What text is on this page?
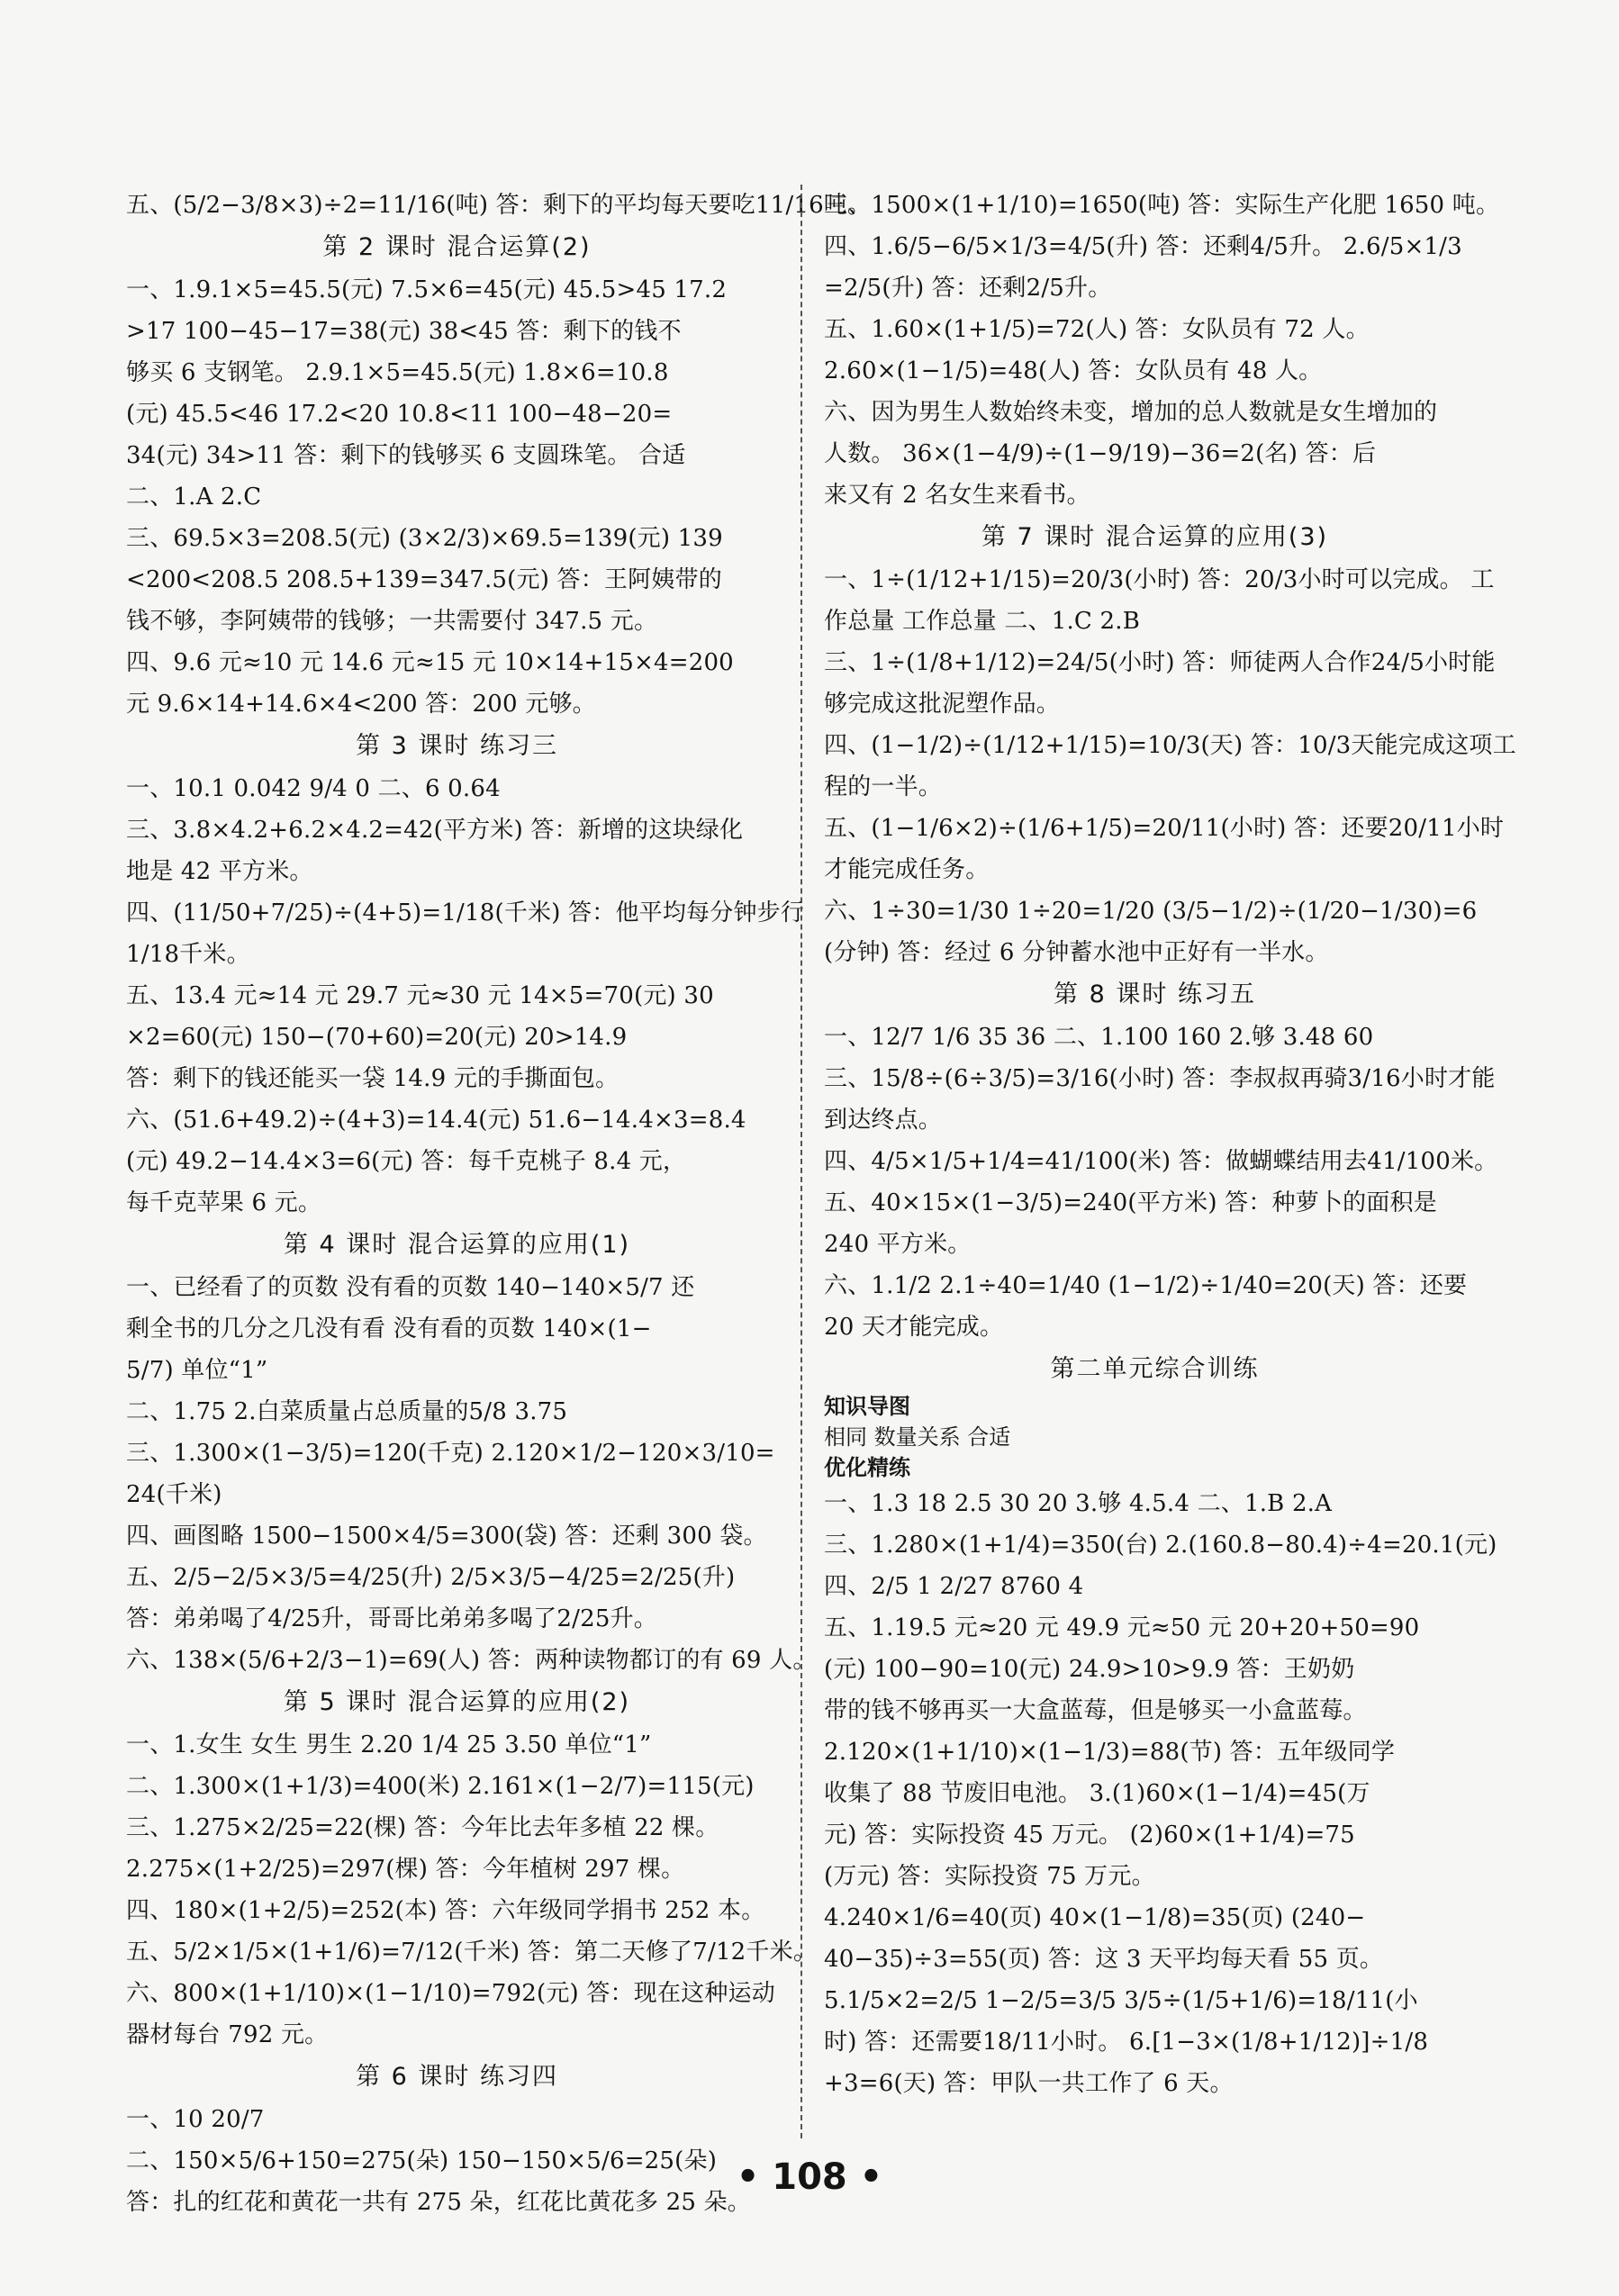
五、(5/2−3/8×3)÷2=11/16(吨) 答：剩下的平均每天要吃11/16吨。
第 2 课时 混合运算(2)
一、1.9.1×5=45.5(元) 7.5×6=45(元) 45.5>45 17.2
>17 100−45−17=38(元) 38<45 答：剩下的钱不
够买 6 支钢笔。 2.9.1×5=45.5(元) 1.8×6=10.8
(元) 45.5<46 17.2<20 10.8<11 100−48−20=
34(元) 34>11 答：剩下的钱够买 6 支圆珠笔。 合适
二、1.A 2.C
三、69.5×3=208.5(元) (3×2/3)×69.5=139(元) 139
<200<208.5 208.5+139=347.5(元) 答：王阿姨带的
钱不够，李阿姨带的钱够；一共需要付 347.5 元。
四、9.6 元≈10 元 14.6 元≈15 元 10×14+15×4=200
元 9.6×14+14.6×4<200 答：200 元够。
第 3 课时 练习三
一、10.1 0.042 9/4 0 二、6 0.64
三、3.8×4.2+6.2×4.2=42(平方米) 答：新增的这块绿化
地是 42 平方米。
四、(11/50+7/25)÷(4+5)=1/18(千米) 答：他平均每分钟步行
1/18千米。
五、13.4 元≈14 元 29.7 元≈30 元 14×5=70(元) 30
×2=60(元) 150−(70+60)=20(元) 20>14.9
答：剩下的钱还能买一袋 14.9 元的手撕面包。
六、(51.6+49.2)÷(4+3)=14.4(元) 51.6−14.4×3=8.4
(元) 49.2−14.4×3=6(元) 答：每千克桃子 8.4 元，
每千克苹果 6 元。
第 4 课时 混合运算的应用(1)
一、已经看了的页数 没有看的页数 140−140×5/7 还
剩全书的几分之几没有看 没有看的页数 140×(1−
5/7) 单位“1”
二、1.75 2.白菜质量占总质量的5/8 3.75
三、1.300×(1−3/5)=120(千克) 2.120×1/2−120×3/10=
24(千米)
四、画图略 1500−1500×4/5=300(袋) 答：还剩 300 袋。
五、2/5−2/5×3/5=4/25(升) 2/5×3/5−4/25=2/25(升)
答：弟弟喝了4/25升，哥哥比弟弟多喝了2/25升。
六、138×(5/6+2/3−1)=69(人) 答：两种读物都订的有 69 人。
第 5 课时 混合运算的应用(2)
一、1.女生 女生 男生 2.20 1/4 25 3.50 单位“1”
二、1.300×(1+1/3)=400(米) 2.161×(1−2/7)=115(元)
三、1.275×2/25=22(棵) 答：今年比去年多植 22 棵。
2.275×(1+2/25)=297(棵) 答：今年植树 297 棵。
四、180×(1+2/5)=252(本) 答：六年级同学捐书 252 本。
五、5/2×1/5×(1+1/6)=7/12(千米) 答：第二天修了7/12千米。
六、800×(1+1/10)×(1−1/10)=792(元) 答：现在这种运动
器材每台 792 元。
第 6 课时 练习四
一、10 20/7
二、150×5/6+150=275(朵) 150−150×5/6=25(朵)
答：扎的红花和黄花一共有 275 朵，红花比黄花多 25 朵。
三、1500×(1+1/10)=1650(吨) 答：实际生产化肥 1650 吨。
四、1.6/5−6/5×1/3=4/5(升) 答：还剩4/5升。 2.6/5×1/3
=2/5(升) 答：还剩2/5升。
五、1.60×(1+1/5)=72(人) 答：女队员有 72 人。
2.60×(1−1/5)=48(人) 答：女队员有 48 人。
六、因为男生人数始终未变，增加的总人数就是女生增加的
人数。 36×(1−4/9)÷(1−9/19)−36=2(名) 答：后
来又有 2 名女生来看书。
第 7 课时 混合运算的应用(3)
一、1÷(1/12+1/15)=20/3(小时) 答：20/3小时可以完成。 工
作总量 工作总量 二、1.C 2.B
三、1÷(1/8+1/12)=24/5(小时) 答：师徒两人合作24/5小时能
够完成这批泥塑作品。
四、(1−1/2)÷(1/12+1/15)=10/3(天) 答：10/3天能完成这项工
程的一半。
五、(1−1/6×2)÷(1/6+1/5)=20/11(小时) 答：还要20/11小时
才能完成任务。
六、1÷30=1/30 1÷20=1/20 (3/5−1/2)÷(1/20−1/30)=6
(分钟) 答：经过 6 分钟蓄水池中正好有一半水。
第 8 课时 练习五
一、12/7 1/6 35 36 二、1.100 160 2.够 3.48 60
三、15/8÷(6÷3/5)=3/16(小时) 答：李叔叔再骑3/16小时才能
到达终点。
四、4/5×1/5+1/4=41/100(米) 答：做蝴蝶结用去41/100米。
五、40×15×(1−3/5)=240(平方米) 答：种萝卜的面积是
240 平方米。
六、1.1/2 2.1÷40=1/40 (1−1/2)÷1/40=20(天) 答：还要
20 天才能完成。
第二单元综合训练
知识导图
相同 数量关系 合适
优化精练
一、1.3 18 2.5 30 20 3.够 4.5.4 二、1.B 2.A
三、1.280×(1+1/4)=350(台) 2.(160.8−80.4)÷4=20.1(元)
四、2/5 1 2/27 8760 4
五、1.19.5 元≈20 元 49.9 元≈50 元 20+20+50=90
(元) 100−90=10(元) 24.9>10>9.9 答：王奶奶
带的钱不够再买一大盒蓝莓，但是够买一小盒蓝莓。
2.120×(1+1/10)×(1−1/3)=88(节) 答：五年级同学
收集了 88 节废旧电池。 3.(1)60×(1−1/4)=45(万
元) 答：实际投资 45 万元。 (2)60×(1+1/4)=75
(万元) 答：实际投资 75 万元。
4.240×1/6=40(页) 40×(1−1/8)=35(页) (240−
40−35)÷3=55(页) 答：这 3 天平均每天看 55 页。
5.1/5×2=2/5 1−2/5=3/5 3/5÷(1/5+1/6)=18/11(小
时) 答：还需要18/11小时。 6.[1−3×(1/8+1/12)]÷1/8
+3=6(天) 答：甲队一共工作了 6 天。
• 108 •
